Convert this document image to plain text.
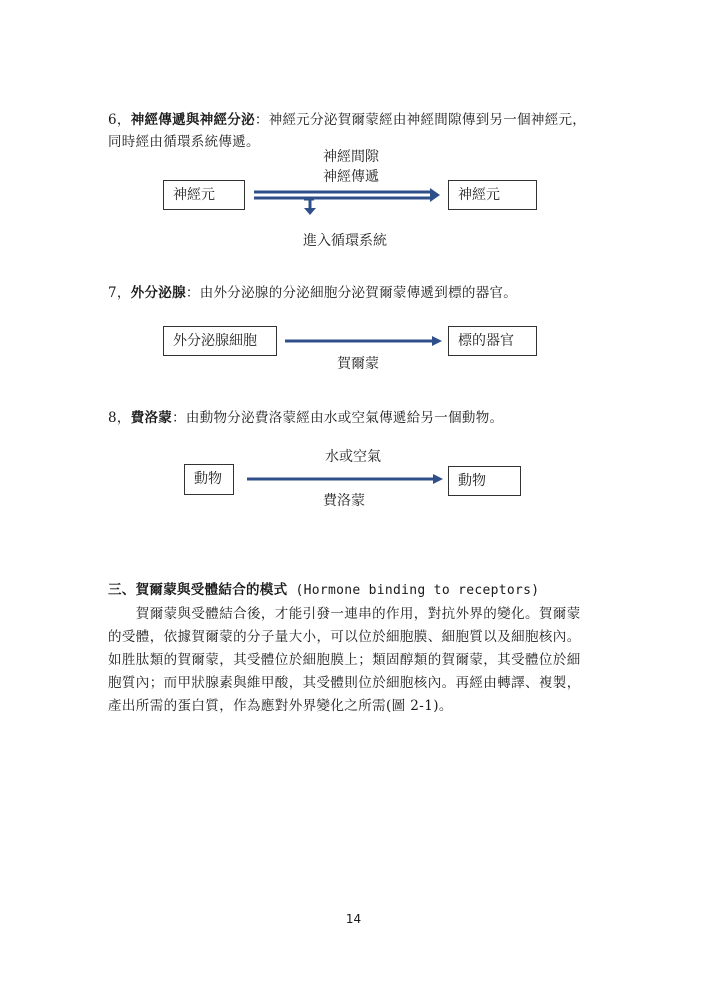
6，神經傳遞與神經分泌：神經元分泌賀爾蒙經由神經間隙傳到另一個神經元，
同時經由循環系統傳遞。
神經間隙
神經傳遞
神經元	神經元
進入循環系統
7，外分泌腺：由外分泌腺的分泌細胞分泌賀爾蒙傳遞到標的器官。
外分泌腺細胞	標的器官
賀爾蒙
8，費洛蒙：由動物分泌費洛蒙經由水或空氣傳遞給另一個動物。
水或空氣
動物	動物
費洛蒙
三、賀爾蒙與受體結合的模式 (Hormone binding to receptors)
　　賀爾蒙與受體結合後，才能引發一連串的作用，對抗外界的變化。賀爾蒙
的受體，依據賀爾蒙的分子量大小，可以位於細胞膜、細胞質以及細胞核內。
如胜肽類的賀爾蒙，其受體位於細胞膜上；類固醇類的賀爾蒙，其受體位於細
胞質內；而甲狀腺素與維甲酸，其受體則位於細胞核內。再經由轉譯、複製，
產出所需的蛋白質，作為應對外界變化之所需(圖 2-1)。
14
